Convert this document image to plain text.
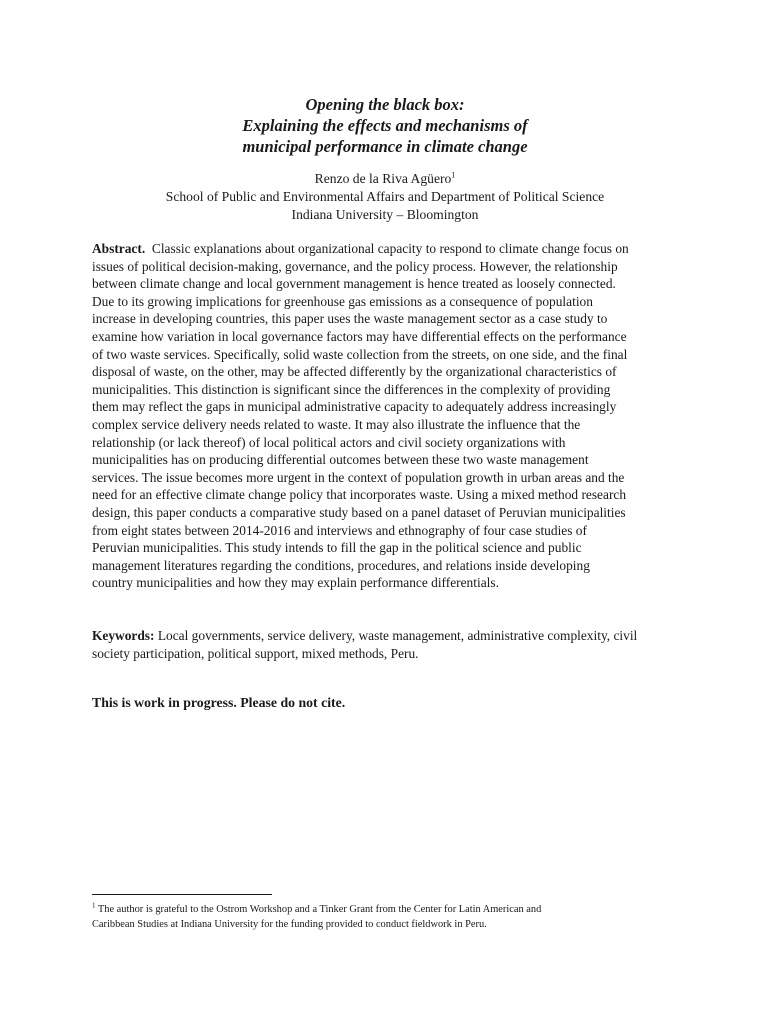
Opening the black box:
Explaining the effects and mechanisms of
municipal performance in climate change
Renzo de la Riva Agüero$^1$
School of Public and Environmental Affairs and Department of Political Science
Indiana University – Bloomington
Abstract. Classic explanations about organizational capacity to respond to climate change focus on
issues of political decision-making, governance, and the policy process. However, the relationship
between climate change and local government management is hence treated as loosely connected.
Due to its growing implications for greenhouse gas emissions as a consequence of population
increase in developing countries, this paper uses the waste management sector as a case study to
examine how variation in local governance factors may have differential effects on the performance
of two waste services. Specifically, solid waste collection from the streets, on one side, and the final
disposal of waste, on the other, may be affected differently by the organizational characteristics of
municipalities. This distinction is significant since the differences in the complexity of providing
them may reflect the gaps in municipal administrative capacity to adequately address increasingly
complex service delivery needs related to waste. It may also illustrate the influence that the
relationship (or lack thereof) of local political actors and civil society organizations with
municipalities has on producing differential outcomes between these two waste management
services. The issue becomes more urgent in the context of population growth in urban areas and the
need for an effective climate change policy that incorporates waste. Using a mixed method research
design, this paper conducts a comparative study based on a panel dataset of Peruvian municipalities
from eight states between 2014-2016 and interviews and ethnography of four case studies of
Peruvian municipalities. This study intends to fill the gap in the political science and public
management literatures regarding the conditions, procedures, and relations inside developing
country municipalities and how they may explain performance differentials.
Keywords: Local governments, service delivery, waste management, administrative complexity, civil
society participation, political support, mixed methods, Peru.
This is work in progress. Please do not cite.
$^1$ The author is grateful to the Ostrom Workshop and a Tinker Grant from the Center for Latin American and
Caribbean Studies at Indiana University for the funding provided to conduct fieldwork in Peru.
